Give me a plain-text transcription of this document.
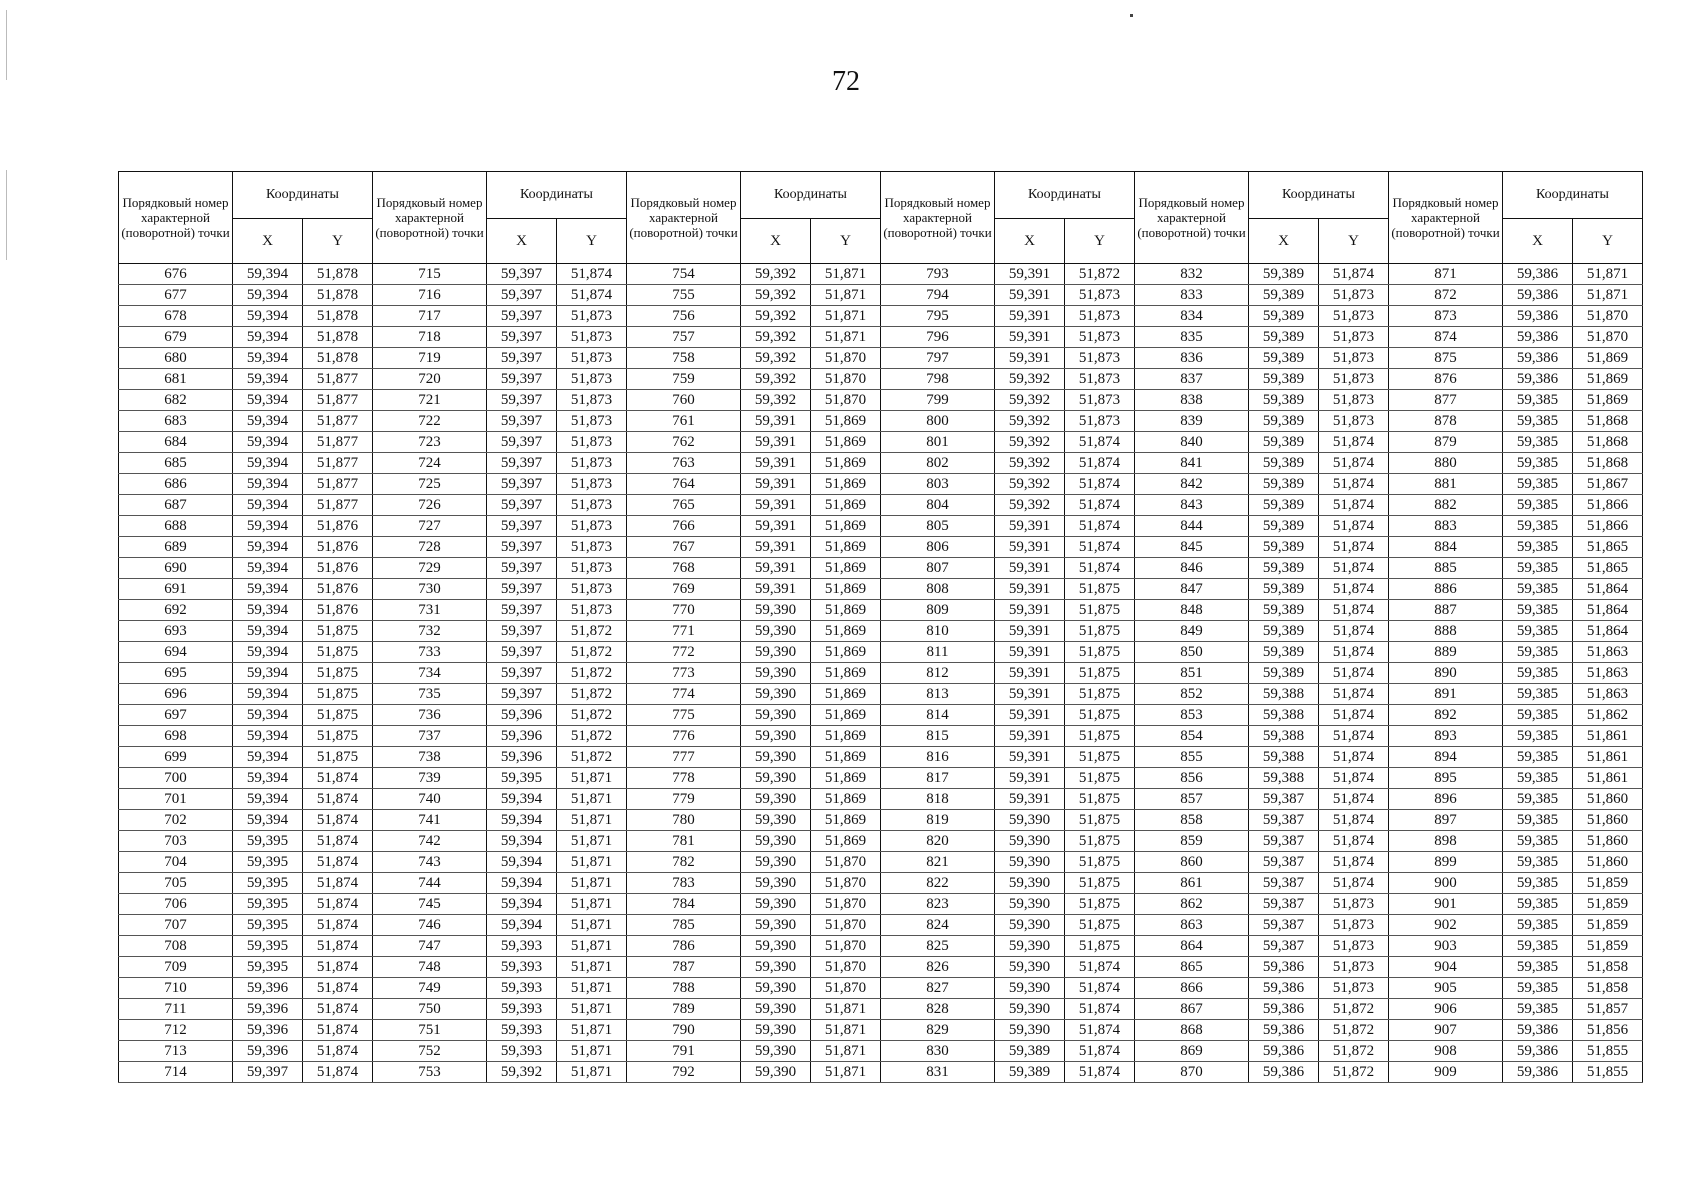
72
Порядковый номер характерной (поворотной) точки	Координаты		Порядковый номер характерной (поворотной) точки	Координаты		Порядковый номер характерной (поворотной) точки	Координаты		Порядковый номер характерной (поворотной) точки	Координаты		Порядковый номер характерной (поворотной) точки	Координаты		Порядковый номер характерной (поворотной) точки	Координаты	
	X	Y		X	Y		X	Y		X	Y		X	Y		X	Y
676	59,394	51,878	715	59,397	51,874	754	59,392	51,871	793	59,391	51,872	832	59,389	51,874	871	59,386	51,871
677	59,394	51,878	716	59,397	51,874	755	59,392	51,871	794	59,391	51,873	833	59,389	51,873	872	59,386	51,871
678	59,394	51,878	717	59,397	51,873	756	59,392	51,871	795	59,391	51,873	834	59,389	51,873	873	59,386	51,870
679	59,394	51,878	718	59,397	51,873	757	59,392	51,871	796	59,391	51,873	835	59,389	51,873	874	59,386	51,870
680	59,394	51,878	719	59,397	51,873	758	59,392	51,870	797	59,391	51,873	836	59,389	51,873	875	59,386	51,869
681	59,394	51,877	720	59,397	51,873	759	59,392	51,870	798	59,392	51,873	837	59,389	51,873	876	59,386	51,869
682	59,394	51,877	721	59,397	51,873	760	59,392	51,870	799	59,392	51,873	838	59,389	51,873	877	59,385	51,869
683	59,394	51,877	722	59,397	51,873	761	59,391	51,869	800	59,392	51,873	839	59,389	51,873	878	59,385	51,868
684	59,394	51,877	723	59,397	51,873	762	59,391	51,869	801	59,392	51,874	840	59,389	51,874	879	59,385	51,868
685	59,394	51,877	724	59,397	51,873	763	59,391	51,869	802	59,392	51,874	841	59,389	51,874	880	59,385	51,868
686	59,394	51,877	725	59,397	51,873	764	59,391	51,869	803	59,392	51,874	842	59,389	51,874	881	59,385	51,867
687	59,394	51,877	726	59,397	51,873	765	59,391	51,869	804	59,392	51,874	843	59,389	51,874	882	59,385	51,866
688	59,394	51,876	727	59,397	51,873	766	59,391	51,869	805	59,391	51,874	844	59,389	51,874	883	59,385	51,866
689	59,394	51,876	728	59,397	51,873	767	59,391	51,869	806	59,391	51,874	845	59,389	51,874	884	59,385	51,865
690	59,394	51,876	729	59,397	51,873	768	59,391	51,869	807	59,391	51,874	846	59,389	51,874	885	59,385	51,865
691	59,394	51,876	730	59,397	51,873	769	59,391	51,869	808	59,391	51,875	847	59,389	51,874	886	59,385	51,864
692	59,394	51,876	731	59,397	51,873	770	59,390	51,869	809	59,391	51,875	848	59,389	51,874	887	59,385	51,864
693	59,394	51,875	732	59,397	51,872	771	59,390	51,869	810	59,391	51,875	849	59,389	51,874	888	59,385	51,864
694	59,394	51,875	733	59,397	51,872	772	59,390	51,869	811	59,391	51,875	850	59,389	51,874	889	59,385	51,863
695	59,394	51,875	734	59,397	51,872	773	59,390	51,869	812	59,391	51,875	851	59,389	51,874	890	59,385	51,863
696	59,394	51,875	735	59,397	51,872	774	59,390	51,869	813	59,391	51,875	852	59,388	51,874	891	59,385	51,863
697	59,394	51,875	736	59,396	51,872	775	59,390	51,869	814	59,391	51,875	853	59,388	51,874	892	59,385	51,862
698	59,394	51,875	737	59,396	51,872	776	59,390	51,869	815	59,391	51,875	854	59,388	51,874	893	59,385	51,861
699	59,394	51,875	738	59,396	51,872	777	59,390	51,869	816	59,391	51,875	855	59,388	51,874	894	59,385	51,861
700	59,394	51,874	739	59,395	51,871	778	59,390	51,869	817	59,391	51,875	856	59,388	51,874	895	59,385	51,861
701	59,394	51,874	740	59,394	51,871	779	59,390	51,869	818	59,391	51,875	857	59,387	51,874	896	59,385	51,860
702	59,394	51,874	741	59,394	51,871	780	59,390	51,869	819	59,390	51,875	858	59,387	51,874	897	59,385	51,860
703	59,395	51,874	742	59,394	51,871	781	59,390	51,869	820	59,390	51,875	859	59,387	51,874	898	59,385	51,860
704	59,395	51,874	743	59,394	51,871	782	59,390	51,870	821	59,390	51,875	860	59,387	51,874	899	59,385	51,860
705	59,395	51,874	744	59,394	51,871	783	59,390	51,870	822	59,390	51,875	861	59,387	51,874	900	59,385	51,859
706	59,395	51,874	745	59,394	51,871	784	59,390	51,870	823	59,390	51,875	862	59,387	51,873	901	59,385	51,859
707	59,395	51,874	746	59,394	51,871	785	59,390	51,870	824	59,390	51,875	863	59,387	51,873	902	59,385	51,859
708	59,395	51,874	747	59,393	51,871	786	59,390	51,870	825	59,390	51,875	864	59,387	51,873	903	59,385	51,859
709	59,395	51,874	748	59,393	51,871	787	59,390	51,870	826	59,390	51,874	865	59,386	51,873	904	59,385	51,858
710	59,396	51,874	749	59,393	51,871	788	59,390	51,870	827	59,390	51,874	866	59,386	51,873	905	59,385	51,858
711	59,396	51,874	750	59,393	51,871	789	59,390	51,871	828	59,390	51,874	867	59,386	51,872	906	59,385	51,857
712	59,396	51,874	751	59,393	51,871	790	59,390	51,871	829	59,390	51,874	868	59,386	51,872	907	59,386	51,856
713	59,396	51,874	752	59,393	51,871	791	59,390	51,871	830	59,389	51,874	869	59,386	51,872	908	59,386	51,855
714	59,397	51,874	753	59,392	51,871	792	59,390	51,871	831	59,389	51,874	870	59,386	51,872	909	59,386	51,855
